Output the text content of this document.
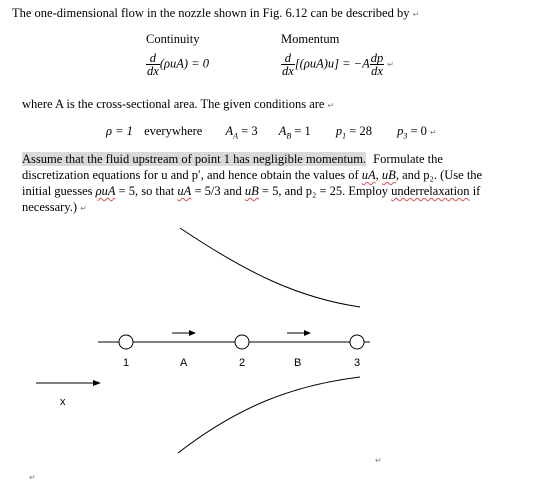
The one-dimensional flow in the nozzle shown in Fig. 6.12 can be described by ↵
Continuity	Momentum
$\frac{d}{dx} (\rho uA) = 0$	$\frac{d}{dx} [(\rho uA)u] = -A \frac{dp}{dx}$ ↵
where A is the cross-sectional area. The given conditions are ↵
ρ = 1 everywhere $A_A = 3$ $A_B = 1$ $p_1 = 28$ $p_3 = 0$ ↵
Assume that the fluid upstream of point 1 has negligible momentum. Formulate the
discretization equations for u and p′, and hence obtain the values of uA, uB, and p₂. (Use the
initial guesses ρuA = 5, so that uA = 5/3 and uB = 5, and p₂ = 25. Employ underrelaxation if
necessary.) ↵
1	A	2	B	3
x
↵
↵
